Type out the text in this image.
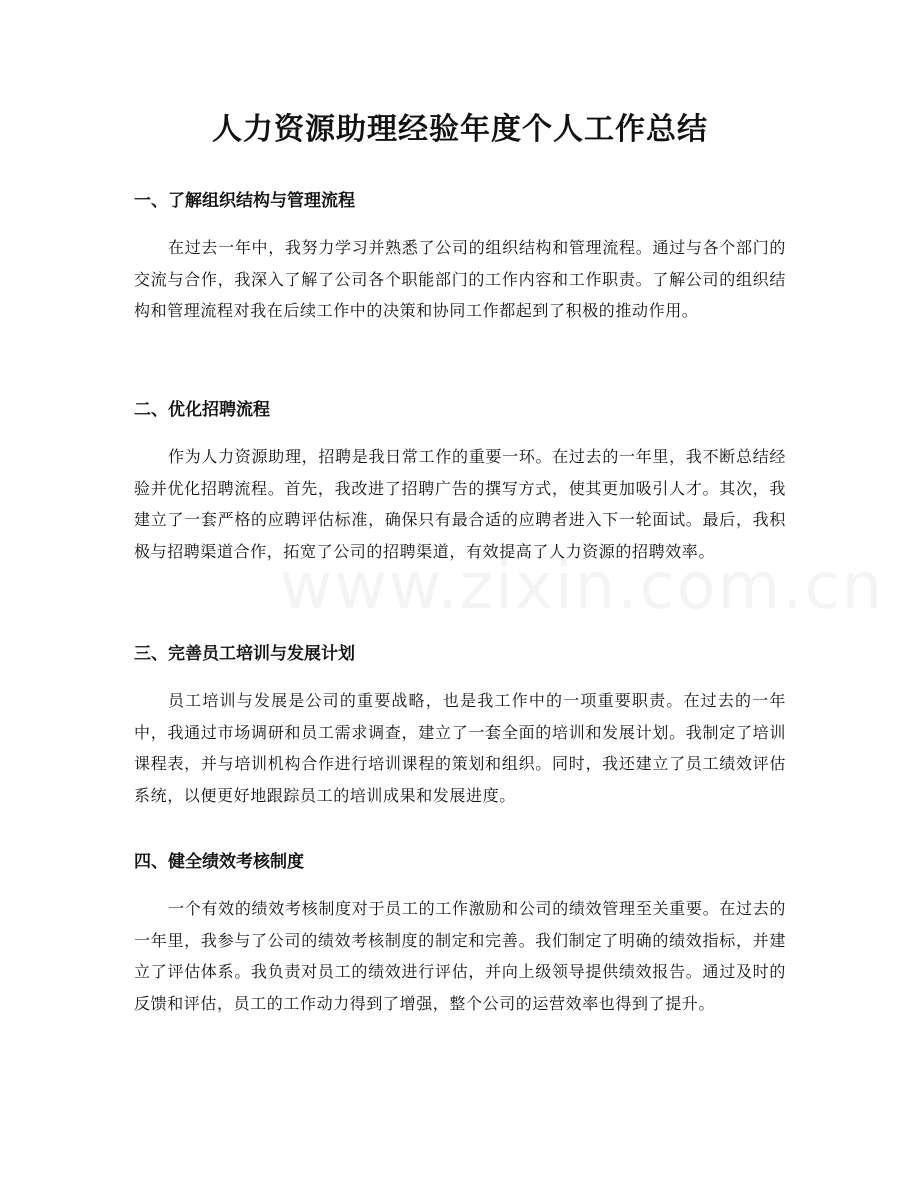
人力资源助理经验年度个人工作总结
一、了解组织结构与管理流程

在过去一年中，我努力学习并熟悉了公司的组织结构和管理流程。通过与各个部门的交流与合作，我深入了解了公司各个职能部门的工作内容和工作职责。了解公司的组织结构和管理流程对我在后续工作中的决策和协同工作都起到了积极的推动作用。

二、优化招聘流程

作为人力资源助理，招聘是我日常工作的重要一环。在过去的一年里，我不断总结经验并优化招聘流程。首先，我改进了招聘广告的撰写方式，使其更加吸引人才。其次，我建立了一套严格的应聘评估标准，确保只有最合适的应聘者进入下一轮面试。最后，我积极与招聘渠道合作，拓宽了公司的招聘渠道，有效提高了人力资源的招聘效率。

三、完善员工培训与发展计划

员工培训与发展是公司的重要战略，也是我工作中的一项重要职责。在过去的一年中，我通过市场调研和员工需求调查，建立了一套全面的培训和发展计划。我制定了培训课程表，并与培训机构合作进行培训课程的策划和组织。同时，我还建立了员工绩效评估系统，以便更好地跟踪员工的培训成果和发展进度。

四、健全绩效考核制度

一个有效的绩效考核制度对于员工的工作激励和公司的绩效管理至关重要。在过去的一年里，我参与了公司的绩效考核制度的制定和完善。我们制定了明确的绩效指标，并建立了评估体系。我负责对员工的绩效进行评估，并向上级领导提供绩效报告。通过及时的反馈和评估，员工的工作动力得到了增强，整个公司的运营效率也得到了提升。
